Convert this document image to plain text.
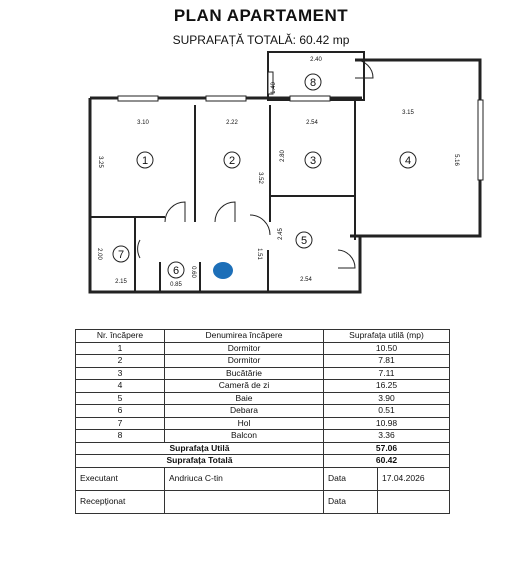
PLAN APARTAMENT
SUPRAFAȚĂ TOTALĂ: 60.42 mp
1	2	3	4
5
6
7
8
2.40
1.40
3.10
3.25
2.22
3.52
2.54
2.80
3.15
5.16
2.45
2.54
0.60
0.85
2.00
2.15
1.51
Nr. încăpere	Denumirea încăpere	Suprafața utilă (mp)	
1	Dormitor	10.50	
2	Dormitor	7.81	
3	Bucătărie	7.11	
4	Cameră de zi	16.25	
5	Baie	3.90	
6	Debara	0.51	
7	Hol	10.98	
8	Balcon	3.36	
Suprafața Utilă		57.06	
Suprafața Totală		60.42	
Executant	Andriuca C-tin	Data	17.04.2026
Recepționat		Data	
